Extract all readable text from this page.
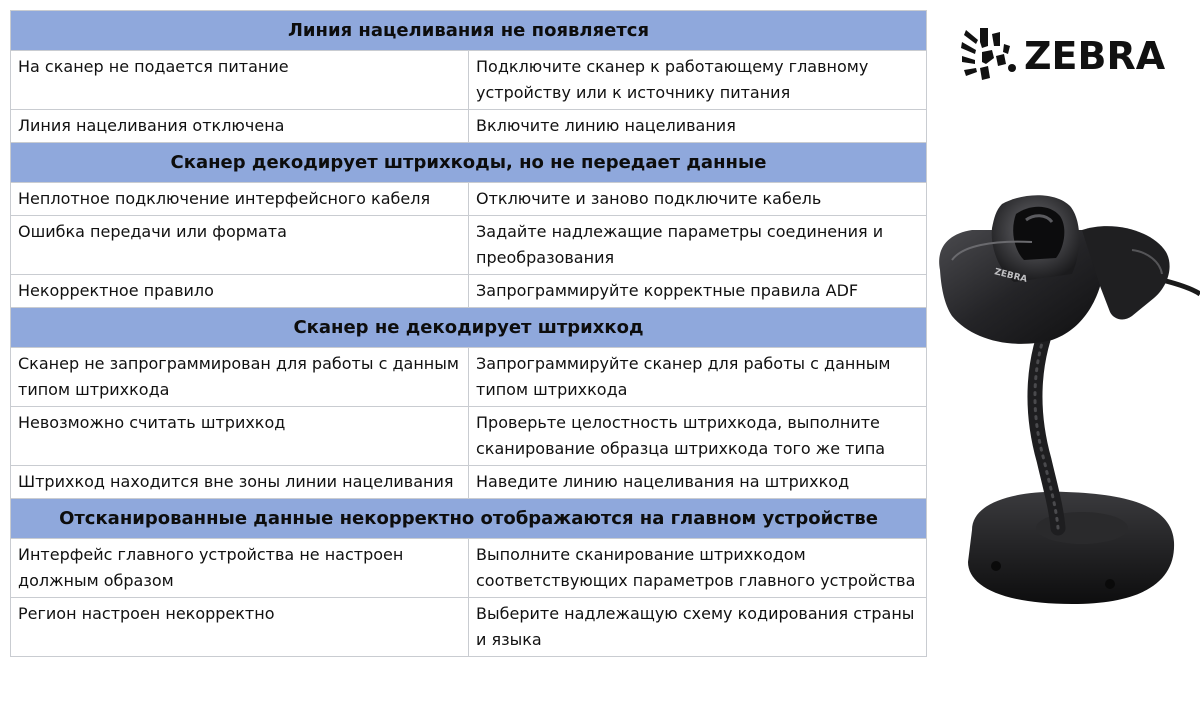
Линия нацеливания не появляется	
На сканер не подается питание	Подключите сканер к работающему главному устройству или к источнику питания
Линия нацеливания отключена	Включите линию нацеливания
Сканер декодирует штрихкоды, но не передает данные	
Неплотное подключение интерфейсного кабеля	Отключите и заново подключите кабель
Ошибка передачи или формата	Задайте надлежащие параметры соединения и преобразования
Некорректное правило	Запрограммируйте корректные правила ADF
Сканер не декодирует штрихкод	
Сканер не запрограммирован для работы с данным типом штрихкода	Запрограммируйте сканер для работы с данным типом штрихкода
Невозможно считать штрихкод	Проверьте целостность штрихкода, выполните сканирование образца штрихкода того же типа
Штрихкод находится вне зоны линии нацеливания	Наведите линию нацеливания на штрихкод
Отсканированные данные некорректно отображаются на главном устройстве	
Интерфейс главного устройства не настроен должным образом	Выполните сканирование штрихкодом соответствующих параметров главного устройства
Регион настроен некорректно	Выберите надлежащую схему кодирования страны и языка
ZEBRA
ZEBRA
